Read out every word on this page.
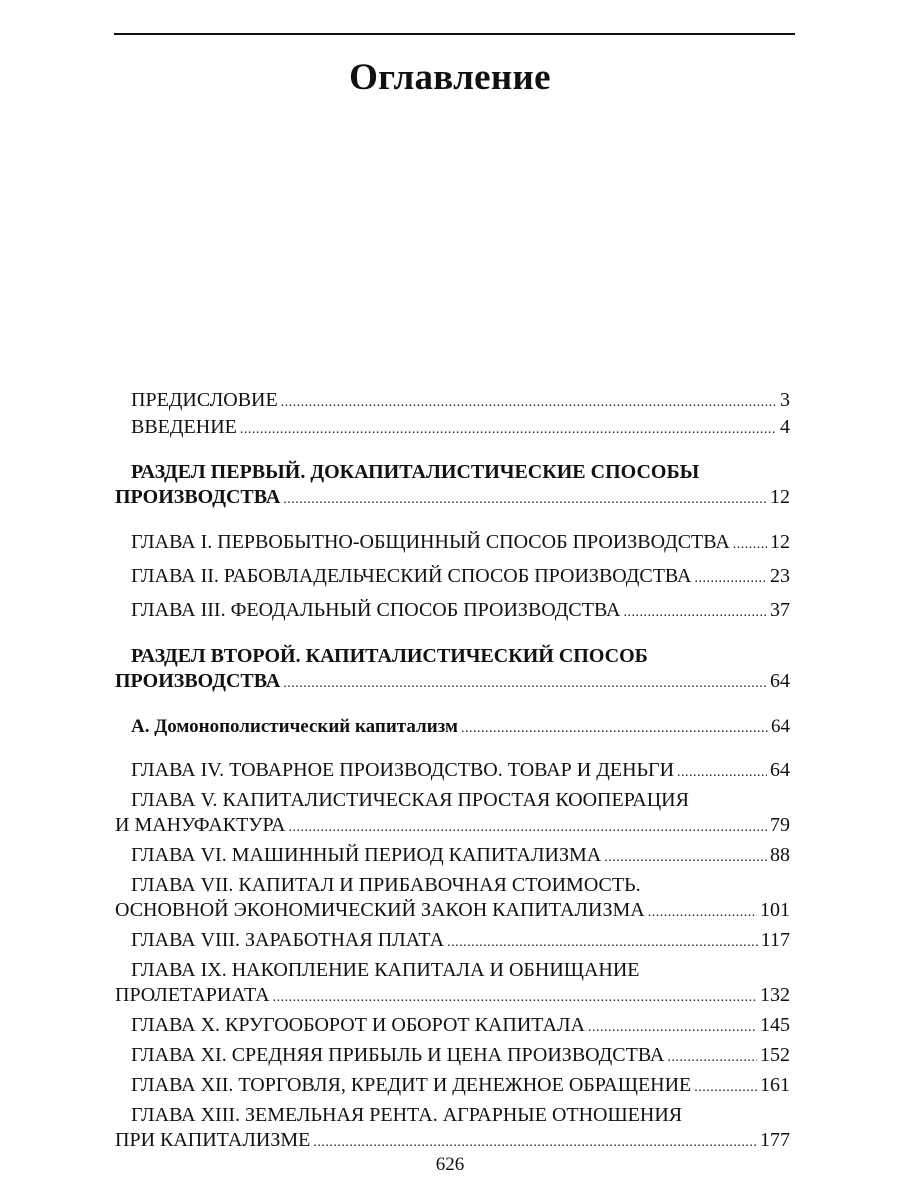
Оглавление
ПРЕДИСЛОВИЕ .....	3
ВВЕДЕНИЕ .....	4
РАЗДЕЛ ПЕРВЫЙ. ДОКАПИТАЛИСТИЧЕСКИЕ СПОСОБЫ
ПРОИЗВОДСТВА .....	12
ГЛАВА I. ПЕРВОБЫТНО-ОБЩИННЫЙ СПОСОБ ПРОИЗВОДСТВА ..... 12
ГЛАВА II. РАБОВЛАДЕЛЬЧЕСКИЙ СПОСОБ ПРОИЗВОДСТВА .....	23
ГЛАВА III. ФЕОДАЛЬНЫЙ СПОСОБ ПРОИЗВОДСТВА .....	37
РАЗДЕЛ ВТОРОЙ. КАПИТАЛИСТИЧЕСКИЙ СПОСОБ
ПРОИЗВОДСТВА .....	64
А. Домонополистический капитализм .....	64
ГЛАВА IV. ТОВАРНОЕ ПРОИЗВОДСТВО. ТОВАР И ДЕНЬГИ .....	64
ГЛАВА V. КАПИТАЛИСТИЧЕСКАЯ ПРОСТАЯ КООПЕРАЦИЯ
И МАНУФАКТУРА .....	79
ГЛАВА VI. МАШИННЫЙ ПЕРИОД КАПИТАЛИЗМА .....	88
ГЛАВА VII. КАПИТАЛ И ПРИБАВОЧНАЯ СТОИМОСТЬ.
ОСНОВНОЙ ЭКОНОМИЧЕСКИЙ ЗАКОН КАПИТАЛИЗМА .....	101
ГЛАВА VIII. ЗАРАБОТНАЯ ПЛАТА .....	117
ГЛАВА IX. НАКОПЛЕНИЕ КАПИТАЛА И ОБНИЩАНИЕ
ПРОЛЕТАРИАТА .....	132
ГЛАВА X. КРУГООБОРОТ И ОБОРОТ КАПИТАЛА .....	145
ГЛАВА XI. СРЕДНЯЯ ПРИБЫЛЬ И ЦЕНА ПРОИЗВОДСТВА .....	152
ГЛАВА XII. ТОРГОВЛЯ, КРЕДИТ И ДЕНЕЖНОЕ ОБРАЩЕНИЕ .....	161
ГЛАВА XIII. ЗЕМЕЛЬНАЯ РЕНТА. АГРАРНЫЕ ОТНОШЕНИЯ
ПРИ КАПИТАЛИЗМЕ .....	177
626
